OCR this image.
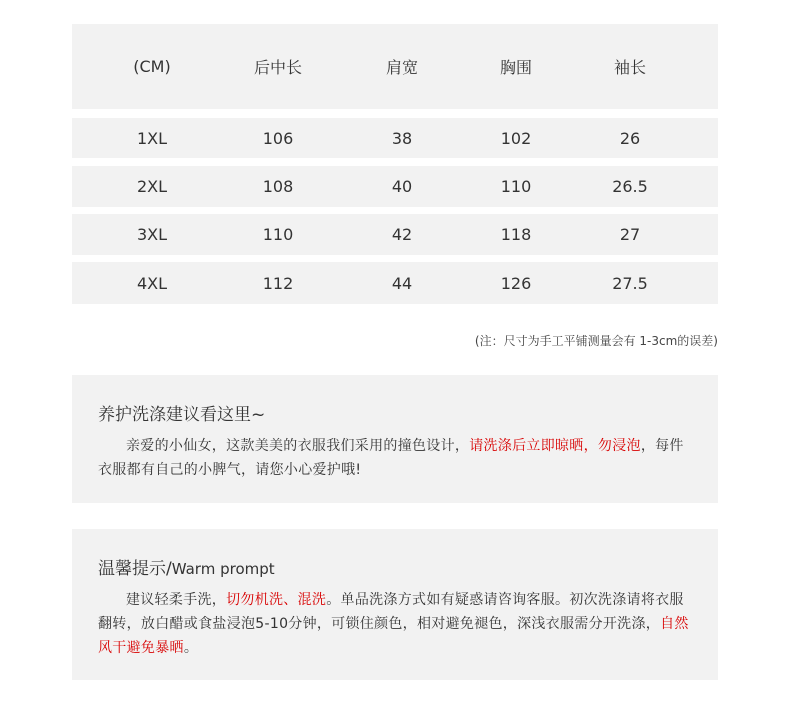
(CM)	后中长	肩宽	胸围	袖长
1XL	106	38	102	26
2XL	108	40	110	26.5
3XL	110	42	118	27
4XL	112	44	126	27.5
(注：尺寸为手工平铺测量会有 1-3cm的误差)
养护洗涤建议看这里~
亲爱的小仙女，这款美美的衣服我们采用的撞色设计，请洗涤后立即晾晒，勿浸泡，每件衣服都有自己的小脾气，请您小心爱护哦!
温馨提示/Warm prompt
建议轻柔手洗，切勿机洗、混洗。单品洗涤方式如有疑惑请咨询客服。初次洗涤请将衣服翻转，放白醋或食盐浸泡5-10分钟，可锁住颜色，相对避免褪色，深浅衣服需分开洗涤，自然风干避免暴晒。
